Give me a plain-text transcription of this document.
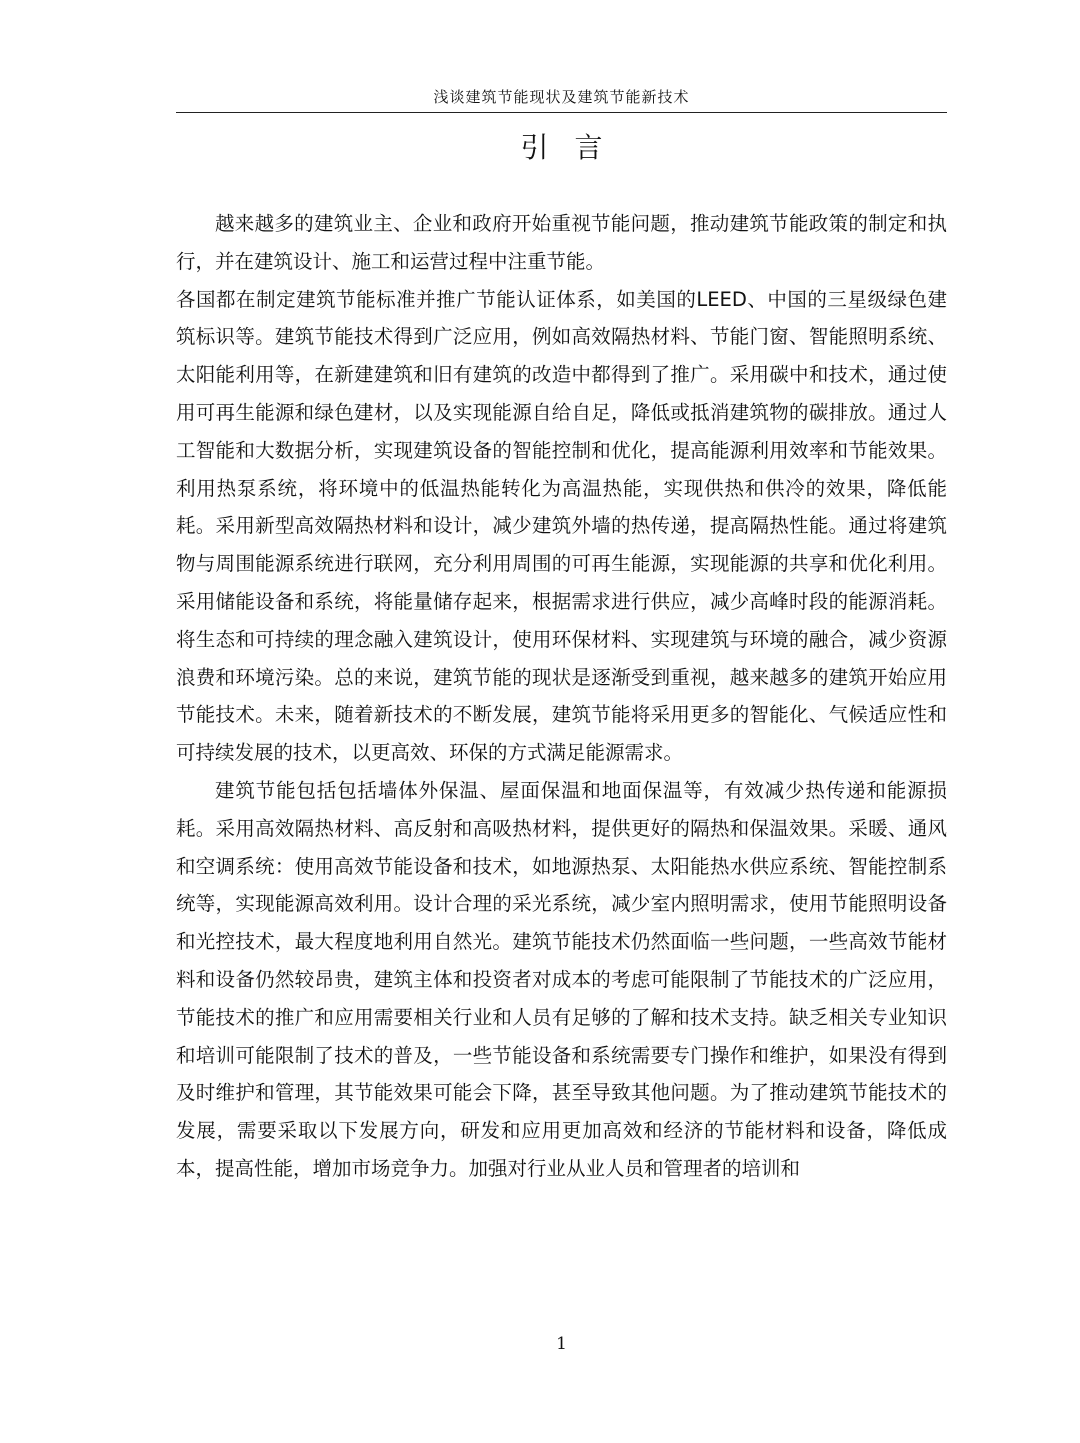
浅谈建筑节能现状及建筑节能新技术
引言

越来越多的建筑业主、企业和政府开始重视节能问题，推动建筑节能政策的制定和执行，并在建筑设计、施工和运营过程中注重节能。

各国都在制定建筑节能标准并推广节能认证体系，如美国的LEED、中国的三星级绿色建筑标识等。建筑节能技术得到广泛应用，例如高效隔热材料、节能门窗、智能照明系统、太阳能利用等，在新建建筑和旧有建筑的改造中都得到了推广。采用碳中和技术，通过使用可再生能源和绿色建材，以及实现能源自给自足，降低或抵消建筑物的碳排放。通过人工智能和大数据分析，实现建筑设备的智能控制和优化，提高能源利用效率和节能效果。利用热泵系统，将环境中的低温热能转化为高温热能，实现供热和供冷的效果，降低能耗。采用新型高效隔热材料和设计，减少建筑外墙的热传递，提高隔热性能。通过将建筑物与周围能源系统进行联网，充分利用周围的可再生能源，实现能源的共享和优化利用。采用储能设备和系统，将能量储存起来，根据需求进行供应，减少高峰时段的能源消耗。将生态和可持续的理念融入建筑设计，使用环保材料、实现建筑与环境的融合，减少资源浪费和环境污染。总的来说，建筑节能的现状是逐渐受到重视，越来越多的建筑开始应用节能技术。未来，随着新技术的不断发展，建筑节能将采用更多的智能化、气候适应性和可持续发展的技术，以更高效、环保的方式满足能源需求。

建筑节能包括包括墙体外保温、屋面保温和地面保温等，有效减少热传递和能源损耗。采用高效隔热材料、高反射和高吸热材料，提供更好的隔热和保温效果。采暖、通风和空调系统：使用高效节能设备和技术，如地源热泵、太阳能热水供应系统、智能控制系统等，实现能源高效利用。设计合理的采光系统，减少室内照明需求，使用节能照明设备和光控技术，最大程度地利用自然光。建筑节能技术仍然面临一些问题，一些高效节能材料和设备仍然较昂贵，建筑主体和投资者对成本的考虑可能限制了节能技术的广泛应用，节能技术的推广和应用需要相关行业和人员有足够的了解和技术支持。缺乏相关专业知识和培训可能限制了技术的普及，一些节能设备和系统需要专门操作和维护，如果没有得到及时维护和管理，其节能效果可能会下降，甚至导致其他问题。为了推动建筑节能技术的发展，需要采取以下发展方向，研发和应用更加高效和经济的节能材料和设备，降低成本，提高性能，增加市场竞争力。加强对行业从业人员和管理者的培训和

1
